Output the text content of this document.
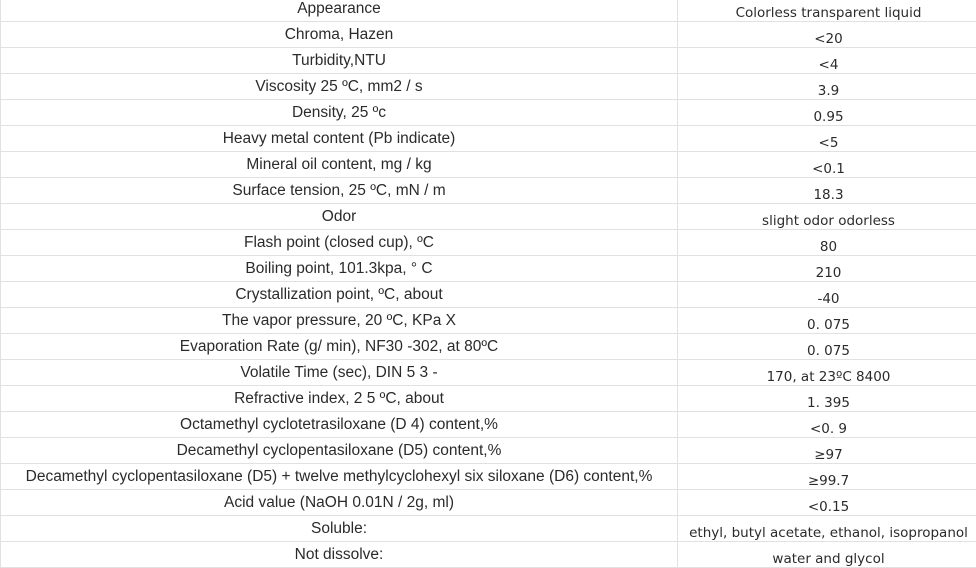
Appearance	Colorless transparent liquid
Chroma, Hazen	<20
Turbidity,NTU	<4
Viscosity 25 ºC, mm2 / s	3.9
Density, 25 ºc	0.95
Heavy metal content (Pb indicate)	<5
Mineral oil content, mg / kg	<0.1
Surface tension, 25 ºC, mN / m	18.3
Odor	slight odor odorless
Flash point (closed cup), ºC	80
Boiling point, 101.3kpa, ° C	210
Crystallization point, ºC, about	-40
The vapor pressure, 20 ºC, KPa X	0. 075
Evaporation Rate (g/ min), NF30 -302, at 80ºC	0. 075
Volatile Time (sec), DIN 5 3 -	170, at 23ºC 8400
Refractive index, 2 5 ºC, about	1. 395
Octamethyl cyclotetrasiloxane (D 4) content,%	<0. 9
Decamethyl cyclopentasiloxane (D5) content,%	≥97
Decamethyl cyclopentasiloxane (D5) + twelve methylcyclohexyl six siloxane (D6) content,%	≥99.7
Acid value (NaOH 0.01N / 2g, ml)	<0.15
Soluble:	ethyl, butyl acetate, ethanol, isopropanol
Not dissolve:	water and glycol
